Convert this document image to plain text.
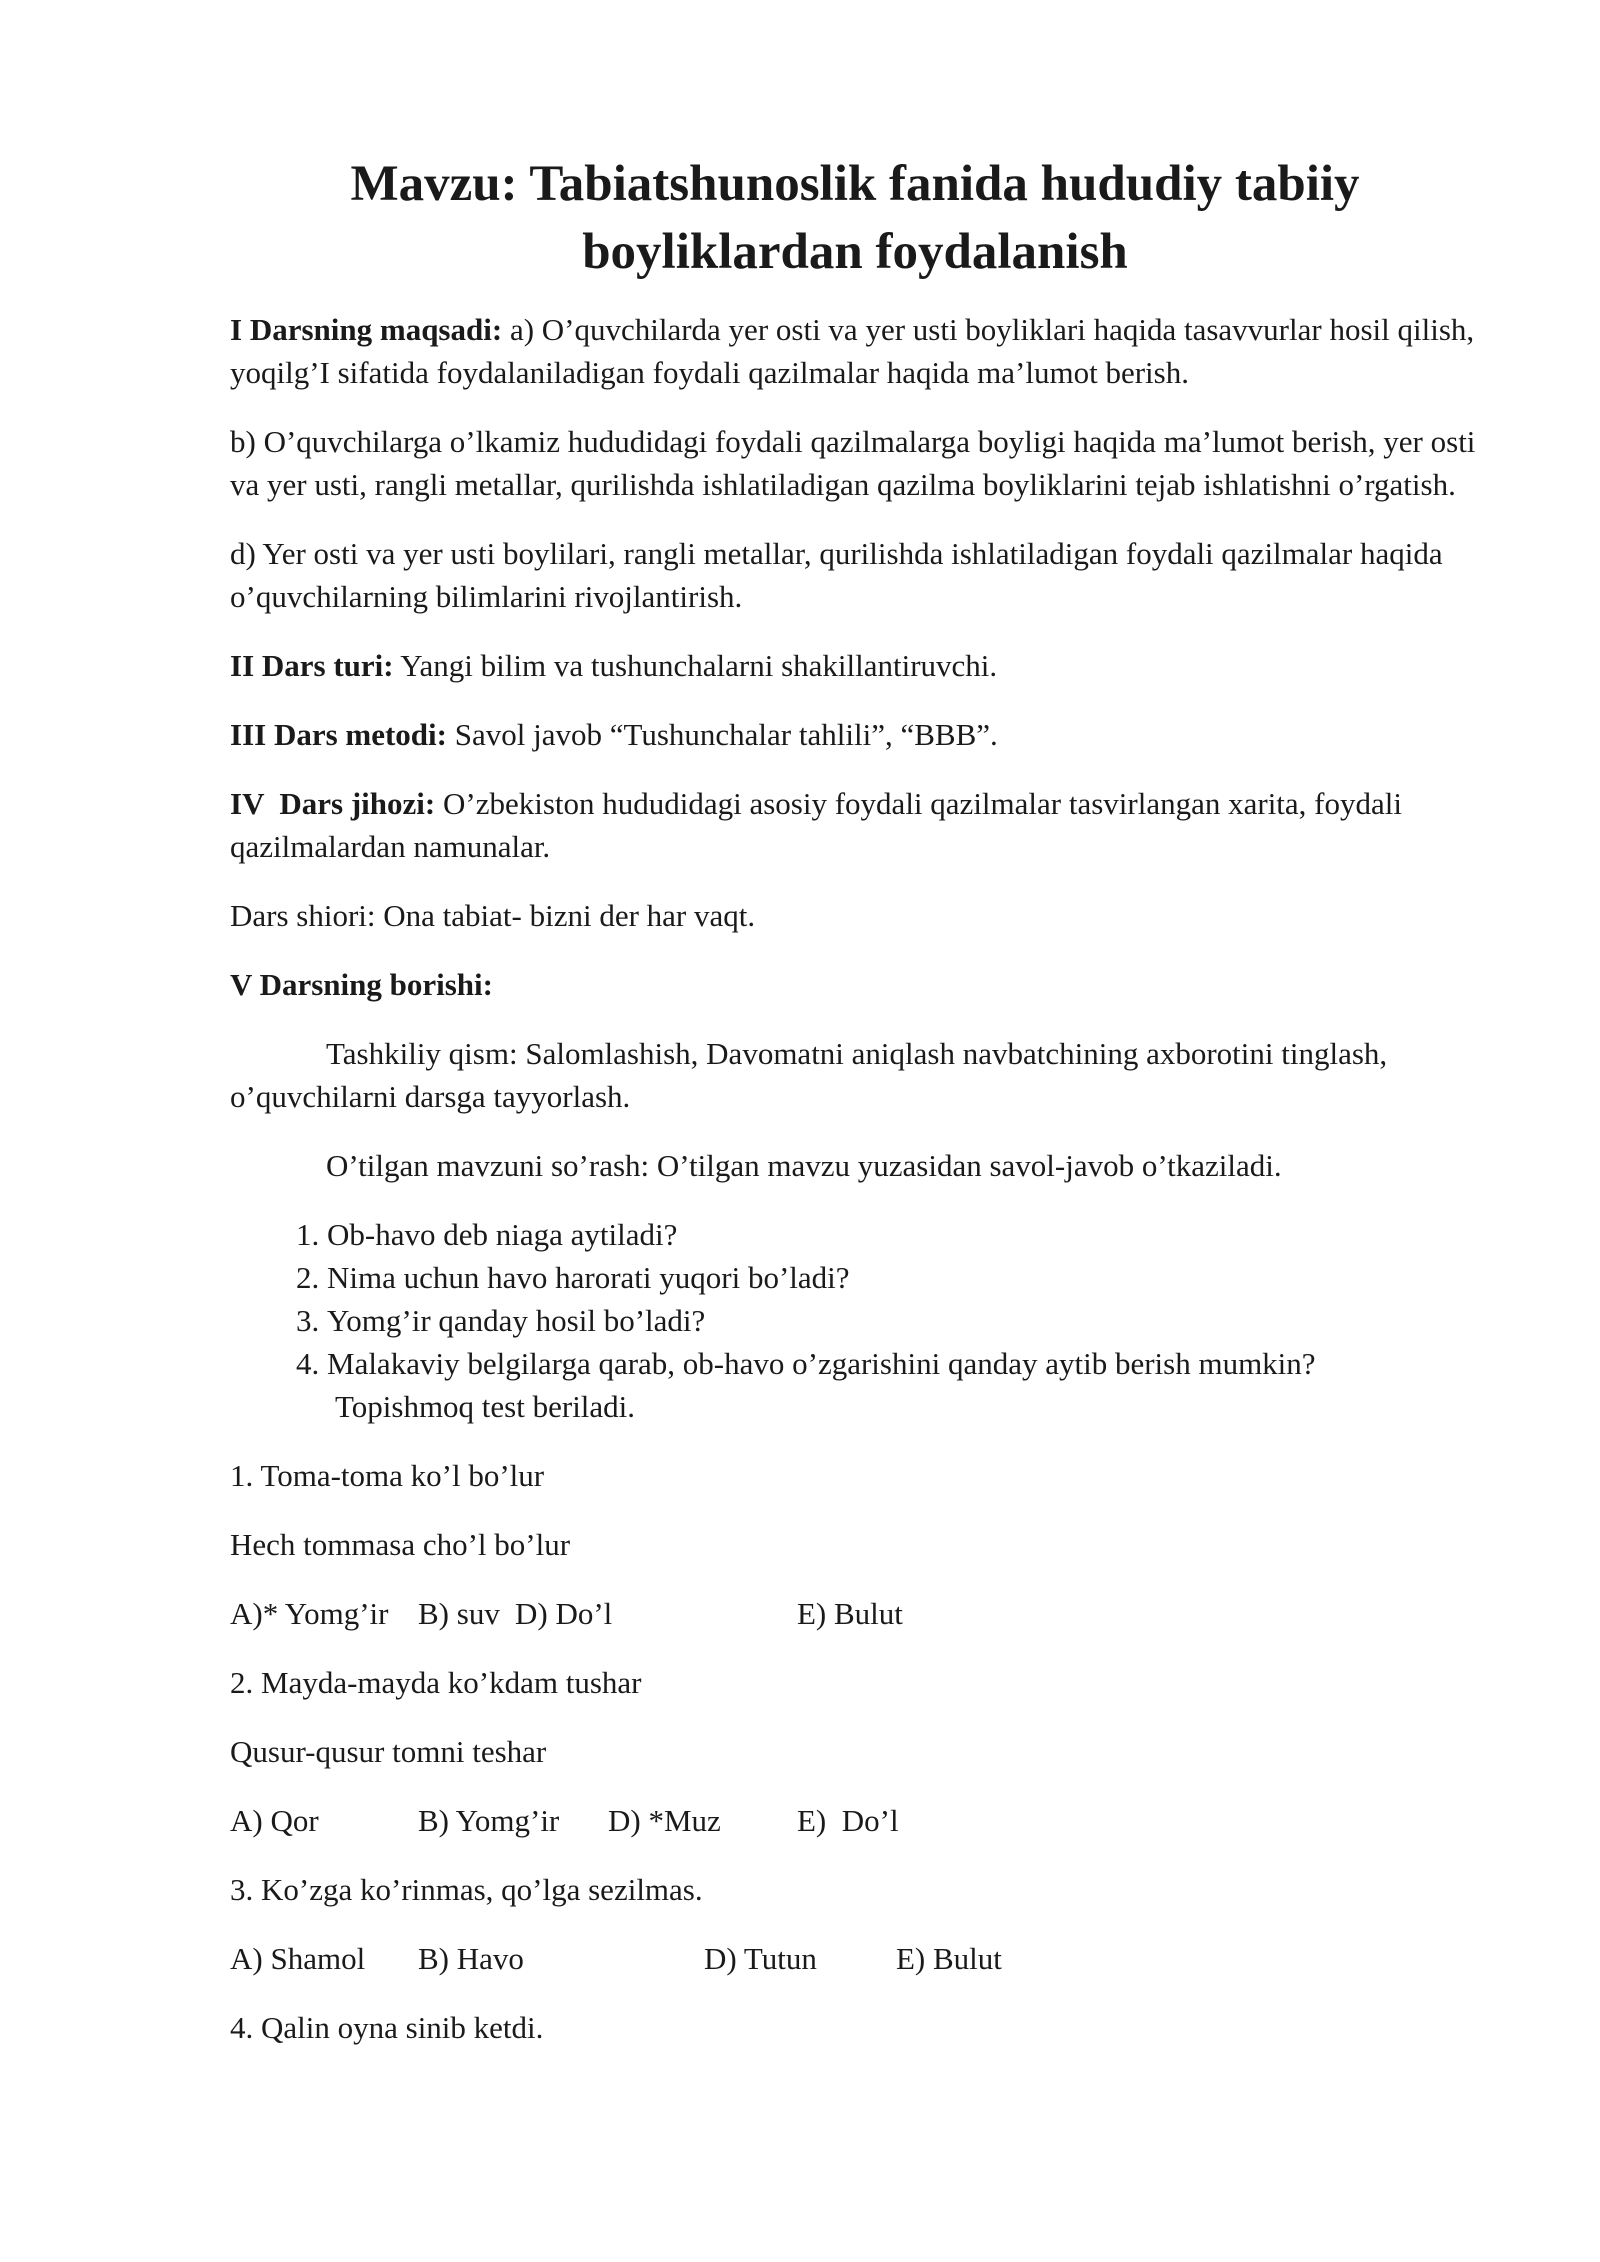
Mavzu: Tabiatshunoslik fanida hududiy tabiiy
boyliklardan foydalanish

I Darsning maqsadi: a) O’quvchilarda yer osti va yer usti boyliklari haqida tasavvurlar hosil qilish, yoqilg’I sifatida foydalaniladigan foydali qazilmalar haqida ma’lumot berish.

b) O’quvchilarga o’lkamiz hududidagi foydali qazilmalarga boyligi haqida ma’lumot berish, yer osti va yer usti, rangli metallar, qurilishda ishlatiladigan qazilma boyliklarini tejab ishlatishni o’rgatish.

d) Yer osti va yer usti boylilari, rangli metallar, qurilishda ishlatiladigan foydali qazilmalar haqida o’quvchilarning bilimlarini rivojlantirish.

II Dars turi: Yangi bilim va tushunchalarni shakillantiruvchi.

III Dars metodi: Savol javob “Tushunchalar tahlili”, “BBB”.

IV  Dars jihozi: O’zbekiston hududidagi asosiy foydali qazilmalar tasvirlangan xarita, foydali qazilmalardan namunalar.

Dars shiori: Ona tabiat- bizni der har vaqt.

V Darsning borishi:

Tashkiliy qism: Salomlashish, Davomatni aniqlash navbatchining axborotini tinglash, o’quvchilarni darsga tayyorlash.

O’tilgan mavzuni so’rash: O’tilgan mavzu yuzasidan savol-javob o’tkaziladi.

1. Ob-havo deb niaga aytiladi?
2. Nima uchun havo harorati yuqori bo’ladi?
3. Yomg’ir qanday hosil bo’ladi?
4. Malakaviy belgilarga qarab, ob-havo o’zgarishini qanday aytib berish mumkin?
Topishmoq test beriladi.

1. Toma-toma ko’l bo’lur

Hech tommasa cho’l bo’lur

A)* Yomg’ir B) suv D) Do’l	E) Bulut

2. Mayda-mayda ko’kdam tushar

Qusur-qusur tomni teshar

A) Qor	B) Yomg’ir D) *Muz E)  Do’l

3. Ko’zga ko’rinmas, qo’lga sezilmas.

A) Shamol B) Havo	D) Tutun	E) Bulut

4. Qalin oyna sinib ketdi.
